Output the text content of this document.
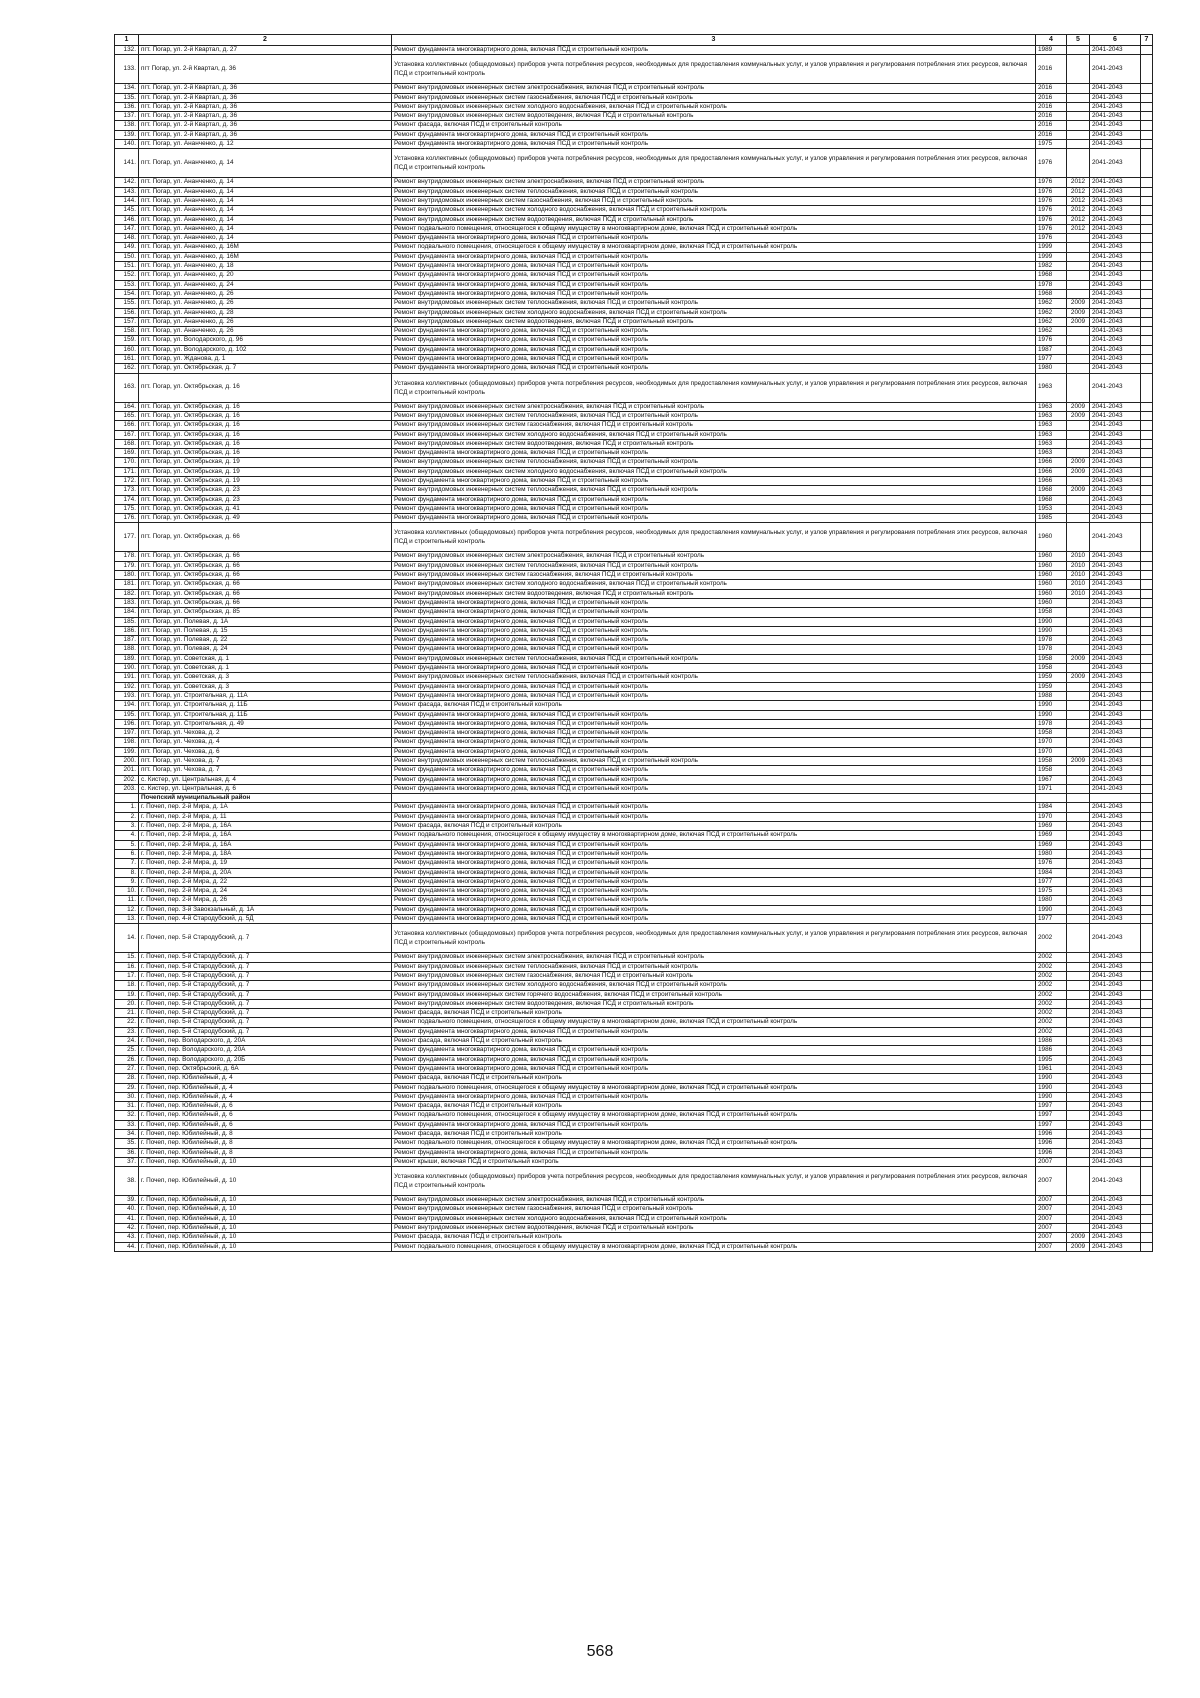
1	2	3	4	5	6	7
132.	пгт. Погар, ул. 2-й Квартал, д. 27	Ремонт фундамента многоквартирного дома, включая ПСД и строительный контроль	1989		2041-2043	
133.	пгт Погар, ул. 2-й Квартал, д. 36	Установка коллективных (общедомовых) приборов учета потребления ресурсов, необходимых для предоставления коммунальных услуг, и узлов управления и регулирования потребления этих ресурсов, включая ПСД и строительный контроль	2016		2041-2043	
134.	пгт. Погар, ул. 2-й Квартал, д. 36	Ремонт внутридомовых инженерных систем электроснабжения, включая ПСД и строительный контроль	2016		2041-2043	
135.	пгт. Погар, ул. 2-й Квартал, д. 36	Ремонт внутридомовых инженерных систем газоснабжения, включая ПСД и строительный контроль	2016		2041-2043	
136.	пгт. Погар, ул. 2-й Квартал, д. 36	Ремонт внутридомовых инженерных систем холодного водоснабжения, включая ПСД и строительный контроль	2016		2041-2043	
137.	пгт. Погар, ул. 2-й Квартал, д. 36	Ремонт внутридомовых инженерных систем водоотведения, включая ПСД и строительный контроль	2016		2041-2043	
138.	пгт. Погар, ул. 2-й Квартал, д. 36	Ремонт фасада, включая ПСД и строительный контроль	2016		2041-2043	
139.	пгт. Погар, ул. 2-й Квартал, д. 36	Ремонт фундамента многоквартирного дома, включая ПСД и строительный контроль	2016		2041-2043	
140.	пгт. Погар, ул. Ананченко, д. 12	Ремонт фундамента многоквартирного дома, включая ПСД и строительный контроль	1975		2041-2043	
141.	пгт. Погар, ул. Ананченко, д. 14	Установка коллективных (общедомовых) приборов учета потребления ресурсов, необходимых для предоставления коммунальных услуг, и узлов управления и регулирования потребления этих ресурсов, включая ПСД и строительный контроль	1976		2041-2043	
142.	пгт. Погар, ул. Ананченко, д. 14	Ремонт внутридомовых инженерных систем электроснабжения, включая ПСД и строительный контроль	1976	2012	2041-2043	
143.	пгт. Погар, ул. Ананченко, д. 14	Ремонт внутридомовых инженерных систем теплоснабжения, включая ПСД и строительный контроль	1976	2012	2041-2043	
144.	пгт. Погар, ул. Ананченко, д. 14	Ремонт внутридомовых инженерных систем газоснабжения, включая ПСД и строительный контроль	1976	2012	2041-2043	
145.	пгт. Погар, ул. Ананченко, д. 14	Ремонт внутридомовых инженерных систем холодного водоснабжения, включая ПСД и строительный контроль	1976	2012	2041-2043	
146.	пгт. Погар, ул. Ананченко, д. 14	Ремонт внутридомовых инженерных систем водоотведения, включая ПСД и строительный контроль	1976	2012	2041-2043	
147.	пгт. Погар, ул. Ананченко, д. 14	Ремонт подвального помещения, относящегося к общему имуществу в многоквартирном доме, включая ПСД и строительный контроль	1976	2012	2041-2043	
148.	пгт. Погар, ул. Ананченко, д. 14	Ремонт фундамента многоквартирного дома, включая ПСД и строительный контроль	1976		2041-2043	
149.	пгт. Погар, ул. Ананченко, д. 16М	Ремонт подвального помещения, относящегося к общему имуществу в многоквартирном доме, включая ПСД и строительный контроль	1999		2041-2043	
150.	пгт. Погар, ул. Ананченко, д. 16М	Ремонт фундамента многоквартирного дома, включая ПСД и строительный контроль	1999		2041-2043	
151.	пгт. Погар, ул. Ананченко, д. 18	Ремонт фундамента многоквартирного дома, включая ПСД и строительный контроль	1982		2041-2043	
152.	пгт. Погар, ул. Ананченко, д. 20	Ремонт фундамента многоквартирного дома, включая ПСД и строительный контроль	1968		2041-2043	
153.	пгт. Погар, ул. Ананченко, д. 24	Ремонт фундамента многоквартирного дома, включая ПСД и строительный контроль	1978		2041-2043	
154.	пгт. Погар, ул. Ананченко, д. 26	Ремонт фундамента многоквартирного дома, включая ПСД и строительный контроль	1968		2041-2043	
155.	пгт. Погар, ул. Ананченко, д. 26	Ремонт внутридомовых инженерных систем теплоснабжения, включая ПСД и строительный контроль	1962	2009	2041-2043	
156.	пгт. Погар, ул. Ананченко, д. 28	Ремонт внутридомовых инженерных систем холодного водоснабжения, включая ПСД и строительный контроль	1962	2009	2041-2043	
157.	пгт. Погар, ул. Ананченко, д. 26	Ремонт внутридомовых инженерных систем водоотведения, включая ПСД и строительный контроль	1962	2009	2041-2043	
158.	пгт. Погар, ул. Ананченко, д. 26	Ремонт фундамента многоквартирного дома, включая ПСД и строительный контроль	1962		2041-2043	
159.	пгт. Погар, ул. Володарского, д. 96	Ремонт фундамента многоквартирного дома, включая ПСД и строительный контроль	1976		2041-2043	
160.	пгт. Погар, ул. Володарского, д. 102	Ремонт фундамента многоквартирного дома, включая ПСД и строительный контроль	1987		2041-2043	
161.	пгт. Погар, ул. Жданова, д. 1	Ремонт фундамента многоквартирного дома, включая ПСД и строительный контроль	1977		2041-2043	
162.	пгт. Погар, ул. Октябрьская, д. 7	Ремонт фундамента многоквартирного дома, включая ПСД и строительный контроль	1980		2041-2043	
163.	пгт. Погар, ул. Октябрьская, д. 16	Установка коллективных (общедомовых) приборов учета потребления ресурсов, необходимых для предоставления коммунальных услуг, и узлов управления и регулирования потребления этих ресурсов, включая ПСД и строительный контроль	1963		2041-2043	
164.	пгт. Погар, ул. Октябрьская, д. 16	Ремонт внутридомовых инженерных систем электроснабжения, включая ПСД и строительный контроль	1963	2009	2041-2043	
165.	пгт. Погар, ул. Октябрьская, д. 16	Ремонт внутридомовых инженерных систем теплоснабжения, включая ПСД и строительный контроль	1963	2009	2041-2043	
166.	пгт. Погар, ул. Октябрьская, д. 16	Ремонт внутридомовых инженерных систем газоснабжения, включая ПСД и строительный контроль	1963		2041-2043	
167.	пгт. Погар, ул. Октябрьская, д. 16	Ремонт внутридомовых инженерных систем холодного водоснабжения, включая ПСД и строительный контроль	1963		2041-2043	
168.	пгт. Погар, ул. Октябрьская, д. 16	Ремонт внутридомовых инженерных систем водоотведения, включая ПСД и строительный контроль	1963		2041-2043	
169.	пгт. Погар, ул. Октябрьская, д. 16	Ремонт фундамента многоквартирного дома, включая ПСД и строительный контроль	1963		2041-2043	
170.	пгт. Погар, ул. Октябрьская, д. 19	Ремонт внутридомовых инженерных систем теплоснабжения, включая ПСД и строительный контроль	1966	2009	2041-2043	
171.	пгт. Погар, ул. Октябрьская, д. 19	Ремонт внутридомовых инженерных систем холодного водоснабжения, включая ПСД и строительный контроль	1966	2009	2041-2043	
172.	пгт. Погар, ул. Октябрьская, д. 19	Ремонт фундамента многоквартирного дома, включая ПСД и строительный контроль	1966		2041-2043	
173.	пгт. Погар, ул. Октябрьская, д. 23	Ремонт внутридомовых инженерных систем теплоснабжения, включая ПСД и строительный контроль	1968	2009	2041-2043	
174.	пгт. Погар, ул. Октябрьская, д. 23	Ремонт фундамента многоквартирного дома, включая ПСД и строительный контроль	1968		2041-2043	
175.	пгт. Погар, ул. Октябрьская, д. 41	Ремонт фундамента многоквартирного дома, включая ПСД и строительный контроль	1953		2041-2043	
176.	пгт. Погар, ул. Октябрьская, д. 49	Ремонт фундамента многоквартирного дома, включая ПСД и строительный контроль	1985		2041-2043	
177.	пгт. Погар, ул. Октябрьская, д. 66	Установка коллективных (общедомовых) приборов учета потребления ресурсов, необходимых для предоставления коммунальных услуг, и узлов управления и регулирования потребления этих ресурсов, включая ПСД и строительный контроль	1960		2041-2043	
178.	пгт. Погар, ул. Октябрьская, д. 66	Ремонт внутридомовых инженерных систем электроснабжения, включая ПСД и строительный контроль	1960	2010	2041-2043	
179.	пгт. Погар, ул. Октябрьская, д. 66	Ремонт внутридомовых инженерных систем теплоснабжения, включая ПСД и строительный контроль	1960	2010	2041-2043	
180.	пгт. Погар, ул. Октябрьская, д. 66	Ремонт внутридомовых инженерных систем газоснабжения, включая ПСД и строительный контроль	1960	2010	2041-2043	
181.	пгт. Погар, ул. Октябрьская, д. 66	Ремонт внутридомовых инженерных систем холодного водоснабжения, включая ПСД и строительный контроль	1960	2010	2041-2043	
182.	пгт. Погар, ул. Октябрьская, д. 66	Ремонт внутридомовых инженерных систем водоотведения, включая ПСД и строительный контроль	1960	2010	2041-2043	
183.	пгт. Погар, ул. Октябрьская, д. 66	Ремонт фундамента многоквартирного дома, включая ПСД и строительный контроль	1960		2041-2043	
184.	пгт. Погар, ул. Октябрьская, д. 85	Ремонт фундамента многоквартирного дома, включая ПСД и строительный контроль	1958		2041-2043	
185.	пгт. Погар, ул. Полевая, д. 1А	Ремонт фундамента многоквартирного дома, включая ПСД и строительный контроль	1990		2041-2043	
186.	пгт. Погар, ул. Полевая, д. 15	Ремонт фундамента многоквартирного дома, включая ПСД и строительный контроль	1990		2041-2043	
187.	пгт. Погар, ул. Полевая, д. 22	Ремонт фундамента многоквартирного дома, включая ПСД и строительный контроль	1978		2041-2043	
188.	пгт. Погар, ул. Полевая, д. 24	Ремонт фундамента многоквартирного дома, включая ПСД и строительный контроль	1978		2041-2043	
189.	пгт. Погар, ул. Советская, д. 1	Ремонт внутридомовых инженерных систем теплоснабжения, включая ПСД и строительный контроль	1958	2009	2041-2043	
190.	пгт. Погар, ул. Советская, д. 1	Ремонт фундамента многоквартирного дома, включая ПСД и строительный контроль	1958		2041-2043	
191.	пгт. Погар, ул. Советская, д. 3	Ремонт внутридомовых инженерных систем теплоснабжения, включая ПСД и строительный контроль	1959	2009	2041-2043	
192.	пгт. Погар, ул. Советская, д. 3	Ремонт фундамента многоквартирного дома, включая ПСД и строительный контроль	1959		2041-2043	
193.	пгт. Погар, ул. Строительная, д. 11А	Ремонт фундамента многоквартирного дома, включая ПСД и строительный контроль	1988		2041-2043	
194.	пгт. Погар, ул. Строительная, д. 11Б	Ремонт фасада, включая ПСД и строительный контроль	1990		2041-2043	
195.	пгт. Погар, ул. Строительная, д. 11Б	Ремонт фундамента многоквартирного дома, включая ПСД и строительный контроль	1990		2041-2043	
196.	пгт. Погар, ул. Строительная, д. 49	Ремонт фундамента многоквартирного дома, включая ПСД и строительный контроль	1978		2041-2043	
197.	пгт. Погар, ул. Чехова, д. 2	Ремонт фундамента многоквартирного дома, включая ПСД и строительный контроль	1958		2041-2043	
198.	пгт. Погар, ул. Чехова, д. 4	Ремонт фундамента многоквартирного дома, включая ПСД и строительный контроль	1970		2041-2043	
199.	пгт. Погар, ул. Чехова, д. 6	Ремонт фундамента многоквартирного дома, включая ПСД и строительный контроль	1970		2041-2043	
200.	пгт. Погар, ул. Чехова, д. 7	Ремонт внутридомовых инженерных систем теплоснабжения, включая ПСД и строительный контроль	1958	2009	2041-2043	
201.	пгт. Погар, ул. Чехова, д. 7	Ремонт фундамента многоквартирного дома, включая ПСД и строительный контроль	1958		2041-2043	
202.	с. Кистер, ул. Центральная, д. 4	Ремонт фундамента многоквартирного дома, включая ПСД и строительный контроль	1967		2041-2043	
203.	с. Кистер, ул. Центральная, д. 6	Ремонт фундамента многоквартирного дома, включая ПСД и строительный контроль	1971		2041-2043	
	Почепский муниципальный район					
1.	г. Почеп, пер. 2-й Мира, д. 1А	Ремонт фундамента многоквартирного дома, включая ПСД и строительный контроль	1984		2041-2043	
2.	г. Почеп, пер. 2-й Мира, д. 11	Ремонт фундамента многоквартирного дома, включая ПСД и строительный контроль	1970		2041-2043	
3.	г. Почеп, пер. 2-й Мира, д. 16А	Ремонт фасада, включая ПСД и строительный контроль	1969		2041-2043	
4.	г. Почеп, пер. 2-й Мира, д. 16А	Ремонт подвального помещения, относящегося к общему имуществу в многоквартирном доме, включая ПСД и строительный контроль	1969		2041-2043	
5.	г. Почеп, пер. 2-й Мира, д. 16А	Ремонт фундамента многоквартирного дома, включая ПСД и строительный контроль	1969		2041-2043	
6.	г. Почеп, пер. 2-й Мира, д. 18А	Ремонт фундамента многоквартирного дома, включая ПСД и строительный контроль	1980		2041-2043	
7.	г. Почеп, пер. 2-й Мира, д. 19	Ремонт фундамента многоквартирного дома, включая ПСД и строительный контроль	1976		2041-2043	
8.	г. Почеп, пер. 2-й Мира, д. 20А	Ремонт фундамента многоквартирного дома, включая ПСД и строительный контроль	1984		2041-2043	
9.	г. Почеп, пер. 2-й Мира, д. 22	Ремонт фундамента многоквартирного дома, включая ПСД и строительный контроль	1977		2041-2043	
10.	г. Почеп, пер. 2-й Мира, д. 24	Ремонт фундамента многоквартирного дома, включая ПСД и строительный контроль	1975		2041-2043	
11.	г. Почеп, пер. 2-й Мира, д. 26	Ремонт фундамента многоквартирного дома, включая ПСД и строительный контроль	1980		2041-2043	
12.	г. Почеп, пер. 3-й Завокзальный, д. 1А	Ремонт фундамента многоквартирного дома, включая ПСД и строительный контроль	1990		2041-2043	
13.	г. Почеп, пер. 4-й Стародубский, д. 5Д	Ремонт фундамента многоквартирного дома, включая ПСД и строительный контроль	1977		2041-2043	
14.	г. Почеп, пер. 5-й Стародубский, д. 7	Установка коллективных (общедомовых) приборов учета потребления ресурсов, необходимых для предоставления коммунальных услуг, и узлов управления и регулирования потребления этих ресурсов, включая ПСД и строительный контроль	2002		2041-2043	
15.	г. Почеп, пер. 5-й Стародубский, д. 7	Ремонт внутридомовых инженерных систем электроснабжения, включая ПСД и строительный контроль	2002		2041-2043	
16.	г. Почеп, пер. 5-й Стародубский, д. 7	Ремонт внутридомовых инженерных систем теплоснабжения, включая ПСД и строительный контроль	2002		2041-2043	
17.	г. Почеп, пер. 5-й Стародубский, д. 7	Ремонт внутридомовых инженерных систем газоснабжения, включая ПСД и строительный контроль	2002		2041-2043	
18.	г. Почеп, пер. 5-й Стародубский, д. 7	Ремонт внутридомовых инженерных систем холодного водоснабжения, включая ПСД и строительный контроль	2002		2041-2043	
19.	г. Почеп, пер. 5-й Стародубский, д. 7	Ремонт внутридомовых инженерных систем горячего водоснабжения, включая ПСД и строительный контроль	2002		2041-2043	
20.	г. Почеп, пер. 5-й Стародубский, д. 7	Ремонт внутридомовых инженерных систем водоотведения, включая ПСД и строительный контроль	2002		2041-2043	
21.	г. Почеп, пер. 5-й Стародубский, д. 7	Ремонт фасада, включая ПСД и строительный контроль	2002		2041-2043	
22.	г. Почеп, пер. 5-й Стародубский, д. 7	Ремонт подвального помещения, относящегося к общему имуществу в многоквартирном доме, включая ПСД и строительный контроль	2002		2041-2043	
23.	г. Почеп, пер. 5-й Стародубский, д. 7	Ремонт фундамента многоквартирного дома, включая ПСД и строительный контроль	2002		2041-2043	
24.	г. Почеп, пер. Володарского, д. 20А	Ремонт фасада, включая ПСД и строительный контроль	1986		2041-2043	
25.	г. Почеп, пер. Володарского, д. 20А	Ремонт фундамента многоквартирного дома, включая ПСД и строительный контроль	1986		2041-2043	
26.	г. Почеп, пер. Володарского, д. 20Б	Ремонт фундамента многоквартирного дома, включая ПСД и строительный контроль	1995		2041-2043	
27.	г. Почеп, пер. Октябрьский, д. 6А	Ремонт фундамента многоквартирного дома, включая ПСД и строительный контроль	1961		2041-2043	
28.	г. Почеп, пер. Юбилейный, д. 4	Ремонт фасада, включая ПСД и строительный контроль	1990		2041-2043	
29.	г. Почеп, пер. Юбилейный, д. 4	Ремонт подвального помещения, относящегося к общему имуществу в многоквартирном доме, включая ПСД и строительный контроль	1990		2041-2043	
30.	г. Почеп, пер. Юбилейный, д. 4	Ремонт фундамента многоквартирного дома, включая ПСД и строительный контроль	1990		2041-2043	
31.	г. Почеп, пер. Юбилейный, д. 6	Ремонт фасада, включая ПСД и строительный контроль	1997		2041-2043	
32.	г. Почеп, пер. Юбилейный, д. 6	Ремонт подвального помещения, относящегося к общему имуществу в многоквартирном доме, включая ПСД и строительный контроль	1997		2041-2043	
33.	г. Почеп, пер. Юбилейный, д. 6	Ремонт фундамента многоквартирного дома, включая ПСД и строительный контроль	1997		2041-2043	
34.	г. Почеп, пер. Юбилейный, д. 8	Ремонт фасада, включая ПСД и строительный контроль	1996		2041-2043	
35.	г. Почеп, пер. Юбилейный, д. 8	Ремонт подвального помещения, относящегося к общему имуществу в многоквартирном доме, включая ПСД и строительный контроль	1996		2041-2043	
36.	г. Почеп, пер. Юбилейный, д. 8	Ремонт фундамента многоквартирного дома, включая ПСД и строительный контроль	1996		2041-2043	
37.	г. Почеп, пер. Юбилейный, д. 10	Ремонт крыши, включая ПСД и строительный контроль	2007		2041-2043	
38.	г. Почеп, пер. Юбилейный, д. 10	Установка коллективных (общедомовых) приборов учета потребления ресурсов, необходимых для предоставления коммунальных услуг, и узлов управления и регулирования потребления этих ресурсов, включая ПСД и строительный контроль	2007		2041-2043	
39.	г. Почеп, пер. Юбилейный, д. 10	Ремонт внутридомовых инженерных систем электроснабжения, включая ПСД и строительный контроль	2007		2041-2043	
40.	г. Почеп, пер. Юбилейный, д. 10	Ремонт внутридомовых инженерных систем газоснабжения, включая ПСД и строительный контроль	2007		2041-2043	
41.	г. Почеп, пер. Юбилейный, д. 10	Ремонт внутридомовых инженерных систем холодного водоснабжения, включая ПСД и строительный контроль	2007		2041-2043	
42.	г. Почеп, пер. Юбилейный, д. 10	Ремонт внутридомовых инженерных систем водоотведения, включая ПСД и строительный контроль	2007		2041-2043	
43.	г. Почеп, пер. Юбилейный, д. 10	Ремонт фасада, включая ПСД и строительный контроль	2007	2009	2041-2043	
44.	г. Почеп, пер. Юбилейный, д. 10	Ремонт подвального помещения, относящегося к общему имуществу в многоквартирном доме, включая ПСД и строительный контроль	2007	2009	2041-2043	
568
